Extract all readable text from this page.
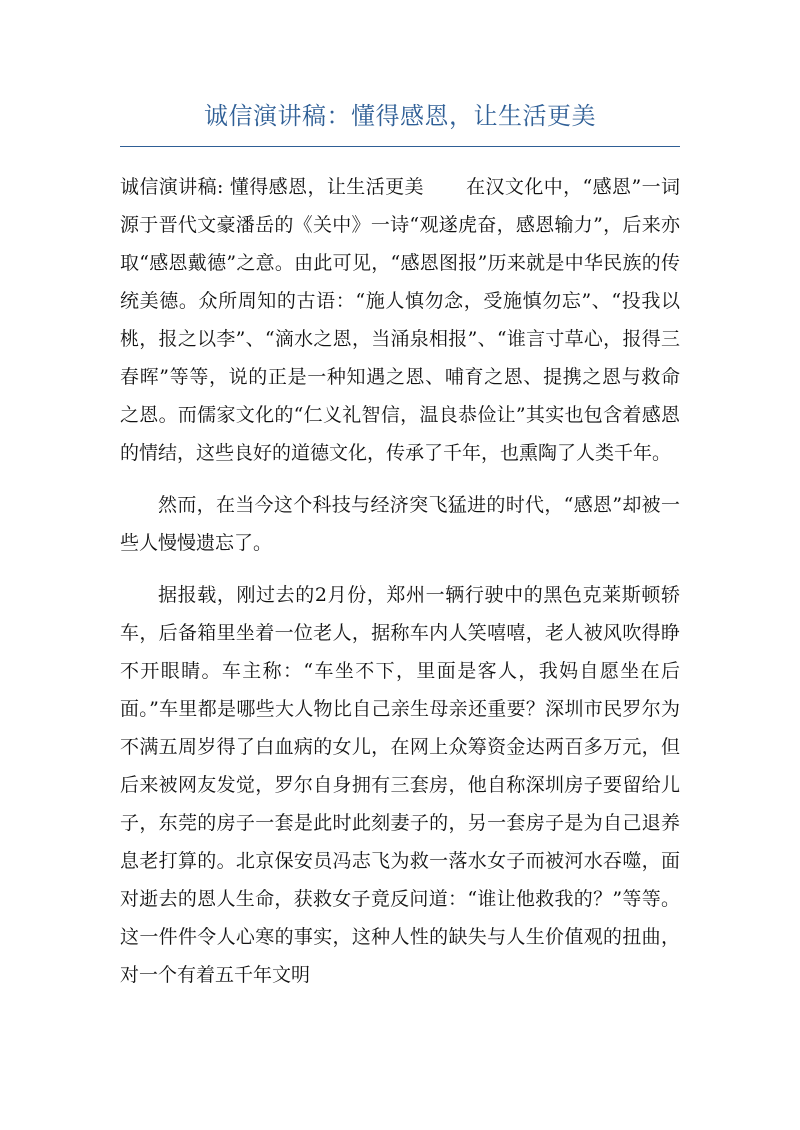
诚信演讲稿：懂得感恩，让生活更美

诚信演讲稿: 懂得感恩，让生活更美 在汉文化中，“感恩”一词源于晋代文豪潘岳的《关中》一诗“观遂虎奋，感恩输力”，后来亦取“感恩戴德”之意。由此可见，“感恩图报”历来就是中华民族的传统美德。众所周知的古语：“施人慎勿念，受施慎勿忘”、“投我以桃，报之以李”、“滴水之恩，当涌泉相报”、“谁言寸草心，报得三春晖”等等，说的正是一种知遇之恩、哺育之恩、提携之恩与救命之恩。而儒家文化的“仁义礼智信，温良恭俭让”其实也包含着感恩的情结，这些良好的道德文化，传承了千年，也熏陶了人类千年。

然而，在当今这个科技与经济突飞猛进的时代，“感恩”却被一些人慢慢遗忘了。

据报载，刚过去的2月份，郑州一辆行驶中的黑色克莱斯顿轿车，后备箱里坐着一位老人，据称车内人笑嘻嘻，老人被风吹得睁不开眼睛。车主称：“车坐不下，里面是客人，我妈自愿坐在后面。”车里都是哪些大人物比自己亲生母亲还重要？深圳市民罗尔为不满五周岁得了白血病的女儿，在网上众筹资金达两百多万元，但后来被网友发觉，罗尔自身拥有三套房，他自称深圳房子要留给儿子，东莞的房子一套是此时此刻妻子的，另一套房子是为自己退养息老打算的。北京保安员冯志飞为救一落水女子而被河水吞噬，面对逝去的恩人生命，获救女子竟反问道：“谁让他救我的？”等等。这一件件令人心寒的事实，这种人性的缺失与人生价值观的扭曲，对一个有着五千年文明
